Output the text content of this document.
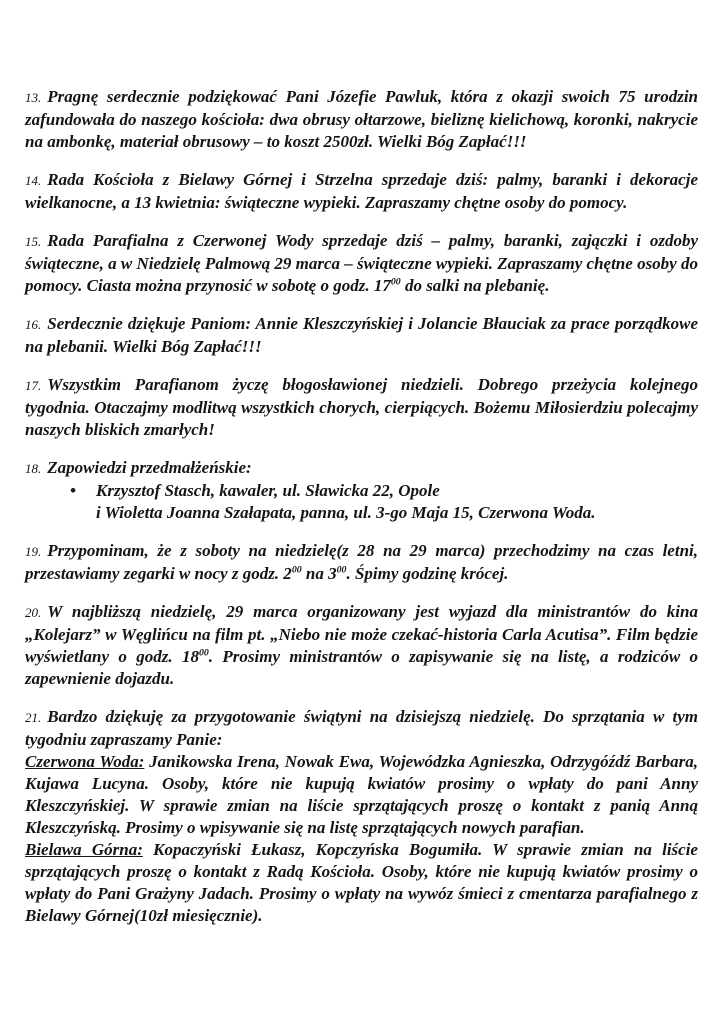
13. Pragnę serdecznie podziękować Pani Józefie Pawluk, która z okazji swoich 75 urodzin zafundowała do naszego kościoła: dwa obrusy ołtarzowe, bieliznę kielichową, koronki, nakrycie na ambonkę, materiał obrusowy – to koszt 2500zł. Wielki Bóg Zapłać!!!
14. Rada Kościoła z Bielawy Górnej i Strzelna sprzedaje dziś: palmy, baranki i dekoracje wielkanocne, a 13 kwietnia: świąteczne wypieki. Zapraszamy chętne osoby do pomocy.
15. Rada Parafialna z Czerwonej Wody sprzedaje dziś – palmy, baranki, zajączki i ozdoby świąteczne, a w Niedzielę Palmową 29 marca – świąteczne wypieki. Zapraszamy chętne osoby do pomocy. Ciasta można przynosić w sobotę o godz. $17^{00}$ do salki na plebanię.
16. Serdecznie dziękuje Paniom: Annie Kleszczyńskiej i Jolancie Błauciak za prace porządkowe na plebanii. Wielki Bóg Zapłać!!!
17. Wszystkim Parafianom życzę błogosławionej niedzieli. Dobrego przeżycia kolejnego tygodnia. Otaczajmy modlitwą wszystkich chorych, cierpiących. Bożemu Miłosierdziu polecajmy naszych bliskich zmarłych!
18. Zapowiedzi przedmałżeńskie:
•	Krzysztof Stasch, kawaler, ul. Sławicka 22, Opole
i Wioletta Joanna Szałapata, panna, ul. 3-go Maja 15, Czerwona Woda.
19. Przypominam, że z soboty na niedzielę(z 28 na 29 marca) przechodzimy na czas letni, przestawiamy zegarki w nocy z godz. $2^{00}$ na $3^{00}$. Śpimy godzinę krócej.
20. W najbliższą niedzielę, 29 marca organizowany jest wyjazd dla ministrantów do kina „Kolejarz” w Węglińcu na film pt. „Niebo nie może czekać-historia Carla Acutisa”. Film będzie wyświetlany o godz. $18^{00}$. Prosimy ministrantów o zapisywanie się na listę, a rodziców o zapewnienie dojazdu.
21. Bardzo dziękuję za przygotowanie świątyni na dzisiejszą niedzielę. Do sprzątania w tym tygodniu zapraszamy Panie:
Czerwona Woda: Janikowska Irena, Nowak Ewa, Wojewódzka Agnieszka, Odrzygóźdź Barbara, Kujawa Lucyna. Osoby, które nie kupują kwiatów prosimy o wpłaty do pani Anny Kleszczyńskiej. W sprawie zmian na liście sprzątających proszę o kontakt z panią Anną Kleszczyńską. Prosimy o wpisywanie się na listę sprzątających nowych parafian.
Bielawa Górna: Kopaczyński Łukasz, Kopczyńska Bogumiła. W sprawie zmian na liście sprzątających proszę o kontakt z Radą Kościoła. Osoby, które nie kupują kwiatów prosimy o wpłaty do Pani Grażyny Jadach. Prosimy o wpłaty na wywóz śmieci z cmentarza parafialnego z Bielawy Górnej(10zł miesięcznie).
